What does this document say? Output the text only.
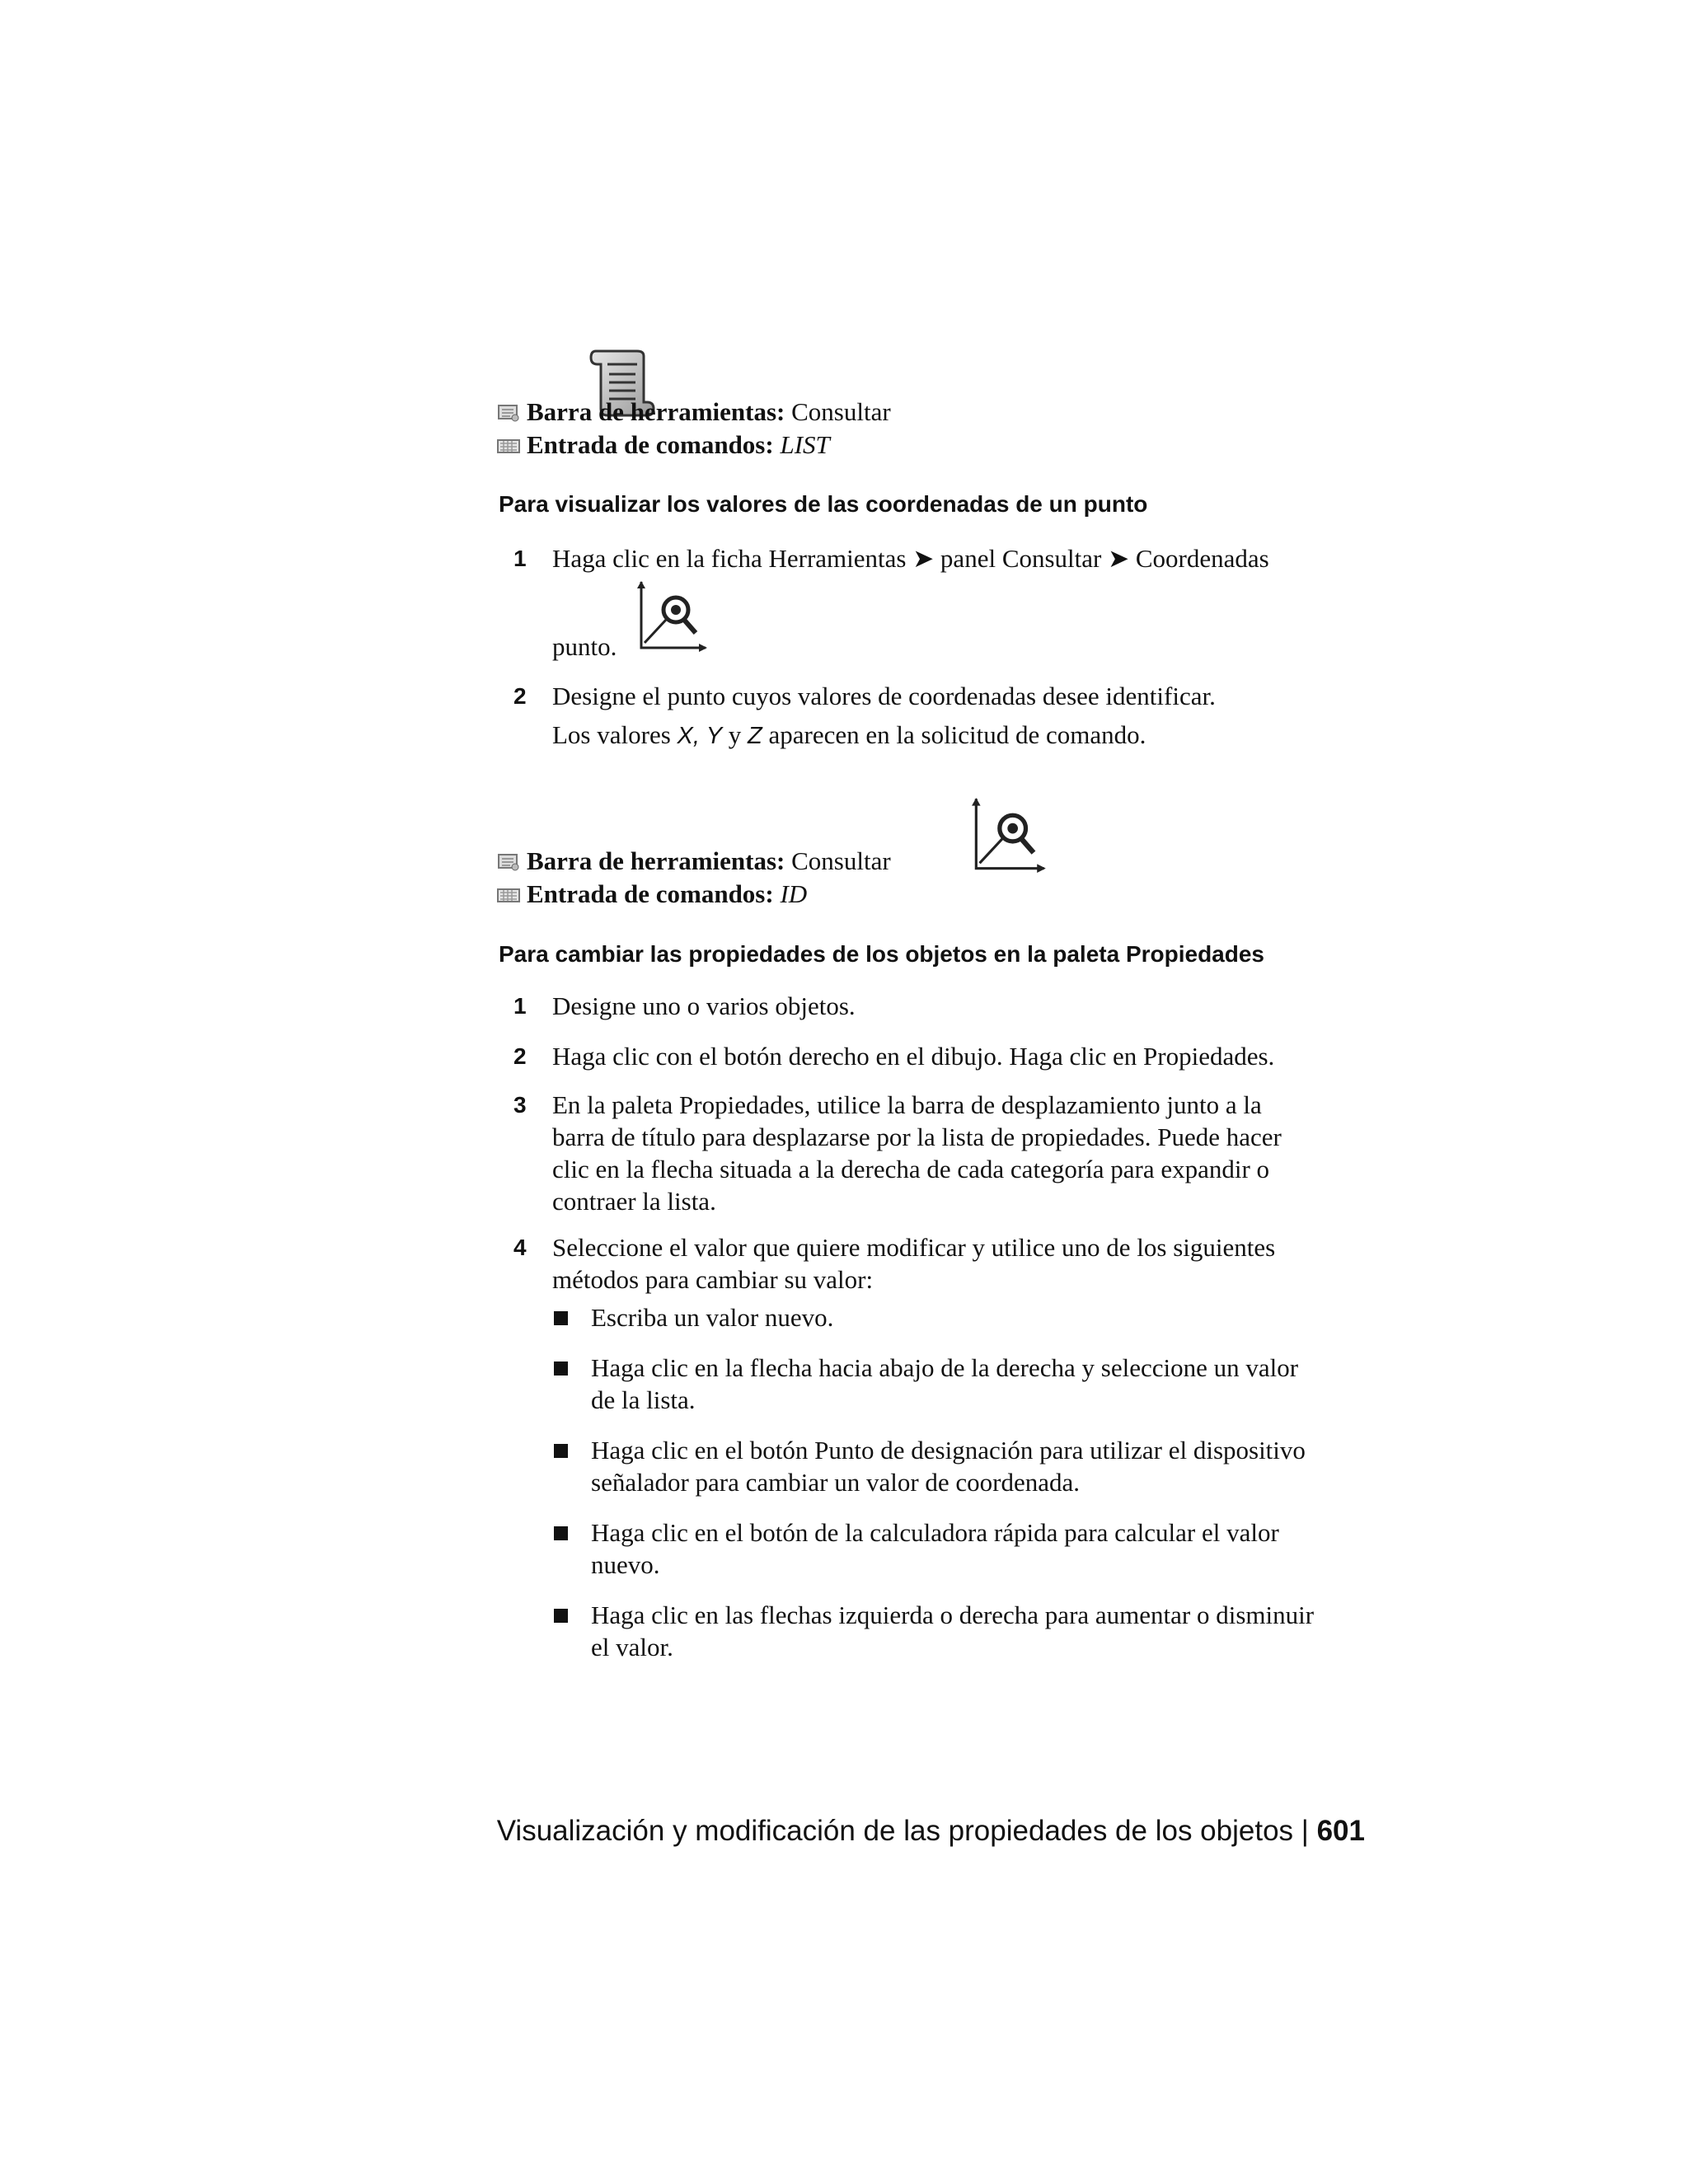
Barra de herramientas: Consultar
Entrada de comandos: LIST
Para visualizar los valores de las coordenadas de un punto
1 Haga clic en la ficha Herramientas ➤ panel Consultar ➤ Coordenadas
punto.
2 Designe el punto cuyos valores de coordenadas desee identificar.
Los valores X, Y y Z aparecen en la solicitud de comando.
Barra de herramientas: Consultar
Entrada de comandos: ID
Para cambiar las propiedades de los objetos en la paleta Propiedades
1 Designe uno o varios objetos.
2 Haga clic con el botón derecho en el dibujo. Haga clic en Propiedades.
3 En la paleta Propiedades, utilice la barra de desplazamiento junto a la
barra de título para desplazarse por la lista de propiedades. Puede hacer
clic en la flecha situada a la derecha de cada categoría para expandir o
contraer la lista.
4 Seleccione el valor que quiere modificar y utilice uno de los siguientes
métodos para cambiar su valor:
Escriba un valor nuevo.
Haga clic en la flecha hacia abajo de la derecha y seleccione un valor
de la lista.
Haga clic en el botón Punto de designación para utilizar el dispositivo
señalador para cambiar un valor de coordenada.
Haga clic en el botón de la calculadora rápida para calcular el valor
nuevo.
Haga clic en las flechas izquierda o derecha para aumentar o disminuir
el valor.
Visualización y modificación de las propiedades de los objetos | 601
